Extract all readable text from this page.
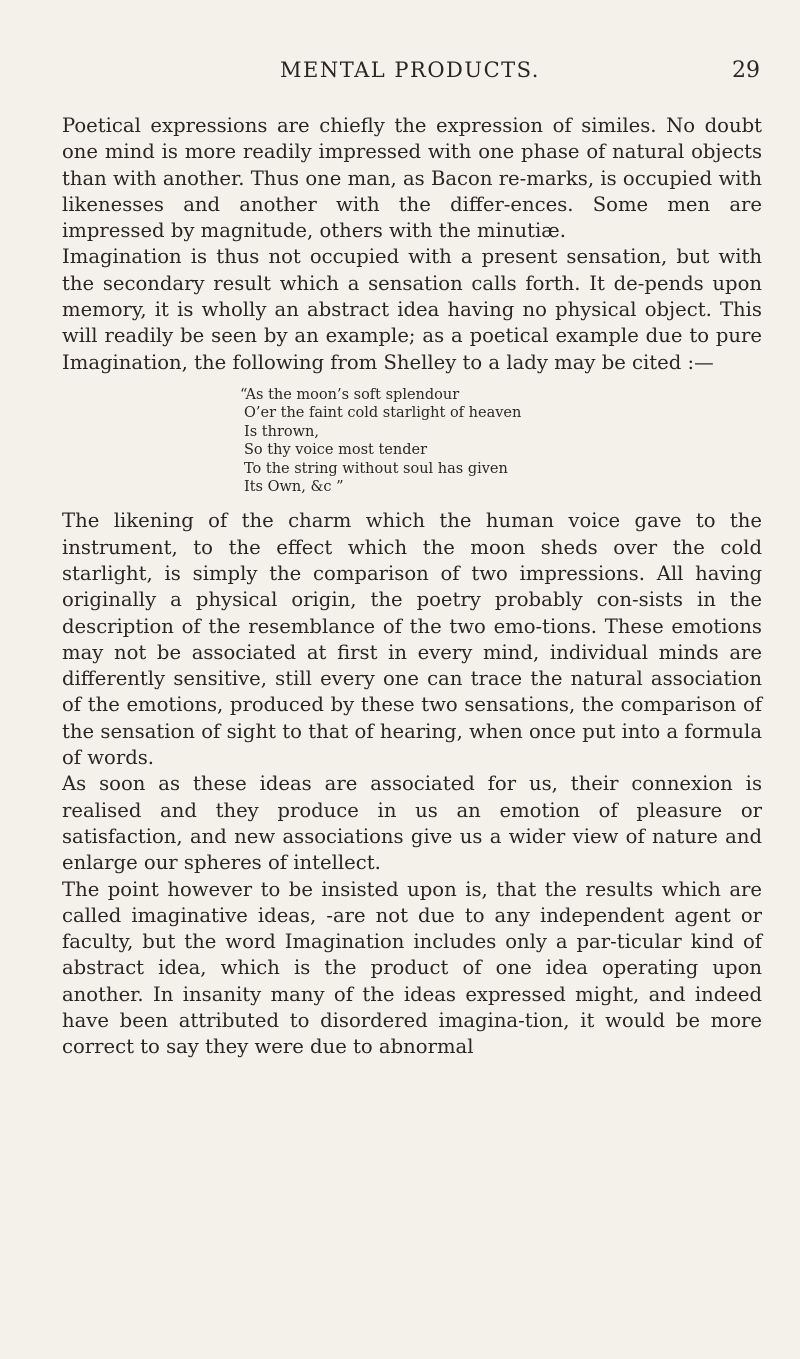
MENTAL PRODUCTS.	29

Poetical expressions are chiefly the expression of similes. No doubt one mind is more readily impressed with one phase of natural objects than with another. Thus one man, as Bacon re-marks, is occupied with likenesses and another with the differ-ences. Some men are impressed by magnitude, others with the minutiæ.

Imagination is thus not occupied with a present sensation, but with the secondary result which a sensation calls forth. It de-pends upon memory, it is wholly an abstract idea having no physical object. This will readily be seen by an example; as a poetical example due to pure Imagination, the following from Shelley to a lady may be cited :—

“As the moon’s soft splendour
O’er the faint cold starlight of heaven
Is thrown,
So thy voice most tender
To the string without soul has given
Its Own, &c ”

The likening of the charm which the human voice gave to the instrument, to the effect which the moon sheds over the cold starlight, is simply the comparison of two impressions. All having originally a physical origin, the poetry probably con-sists in the description of the resemblance of the two emo-tions. These emotions may not be associated at first in every mind, individual minds are differently sensitive, still every one can trace the natural association of the emotions, produced by these two sensations, the comparison of the sensation of sight to that of hearing, when once put into a formula of words.

As soon as these ideas are associated for us, their connexion is realised and they produce in us an emotion of pleasure or satisfaction, and new associations give us a wider view of nature and enlarge our spheres of intellect.

The point however to be insisted upon is, that the results which are called imaginative ideas, -are not due to any independent agent or faculty, but the word Imagination includes only a par-ticular kind of abstract idea, which is the product of one idea operating upon another. In insanity many of the ideas expressed might, and indeed have been attributed to disordered imagina-tion, it would be more correct to say they were due to abnormal
